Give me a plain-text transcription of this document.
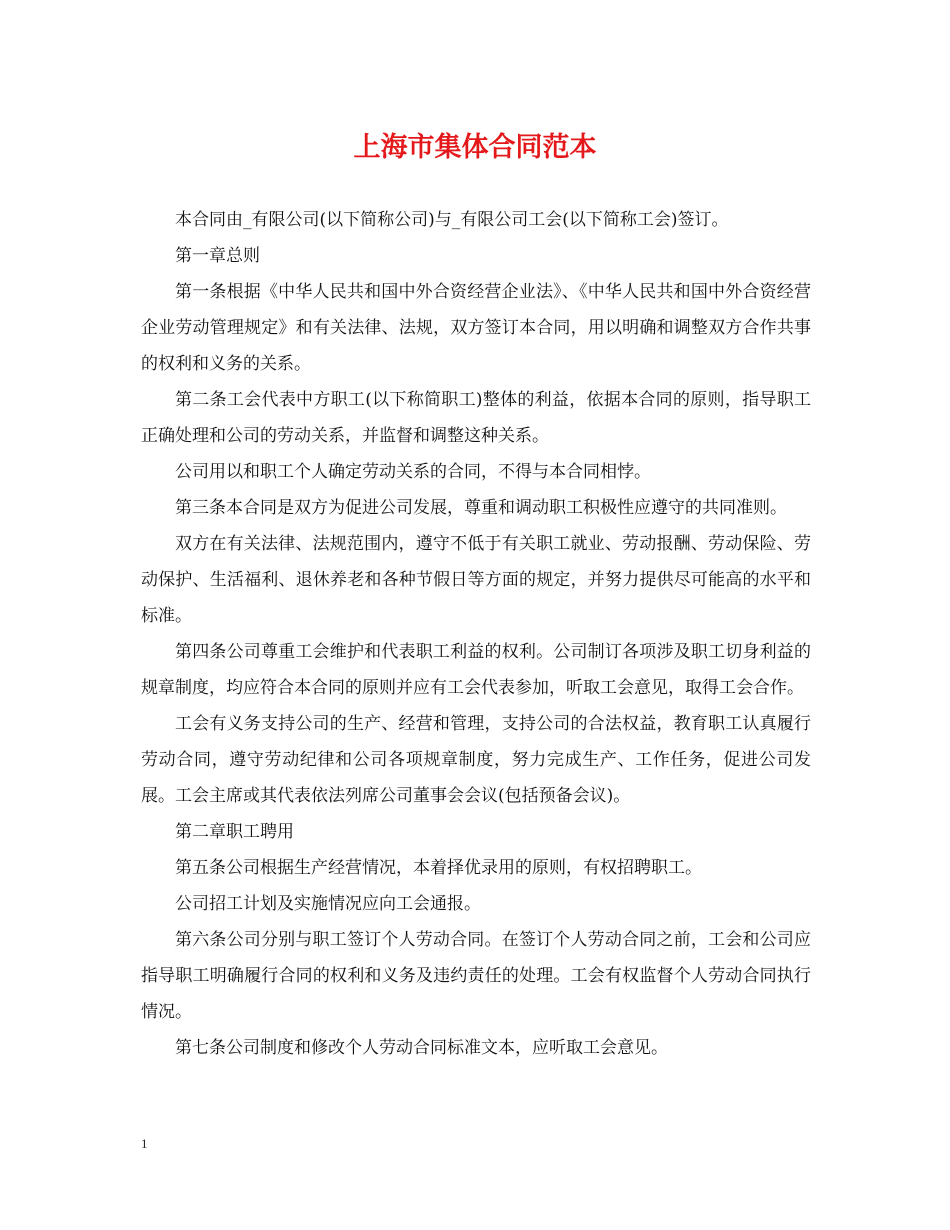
上海市集体合同范本

本合同由_有限公司(以下简称公司)与_有限公司工会(以下简称工会)签订。

第一章总则

第一条根据《中华人民共和国中外合资经营企业法》、《中华人民共和国中外合资经营企业劳动管理规定》和有关法律、法规，双方签订本合同，用以明确和调整双方合作共事的权利和义务的关系。

第二条工会代表中方职工(以下称简职工)整体的利益，依据本合同的原则，指导职工正确处理和公司的劳动关系，并监督和调整这种关系。

公司用以和职工个人确定劳动关系的合同，不得与本合同相悖。

第三条本合同是双方为促进公司发展，尊重和调动职工积极性应遵守的共同准则。

双方在有关法律、法规范围内，遵守不低于有关职工就业、劳动报酬、劳动保险、劳动保护、生活福利、退休养老和各种节假日等方面的规定，并努力提供尽可能高的水平和标准。

第四条公司尊重工会维护和代表职工利益的权利。公司制订各项涉及职工切身利益的规章制度，均应符合本合同的原则并应有工会代表参加，听取工会意见，取得工会合作。

工会有义务支持公司的生产、经营和管理，支持公司的合法权益，教育职工认真履行劳动合同，遵守劳动纪律和公司各项规章制度，努力完成生产、工作任务，促进公司发展。工会主席或其代表依法列席公司董事会会议(包括预备会议)。

第二章职工聘用

第五条公司根据生产经营情况，本着择优录用的原则，有权招聘职工。

公司招工计划及实施情况应向工会通报。

第六条公司分别与职工签订个人劳动合同。在签订个人劳动合同之前，工会和公司应指导职工明确履行合同的权利和义务及违约责任的处理。工会有权监督个人劳动合同执行情况。

第七条公司制度和修改个人劳动合同标准文本，应听取工会意见。

1
